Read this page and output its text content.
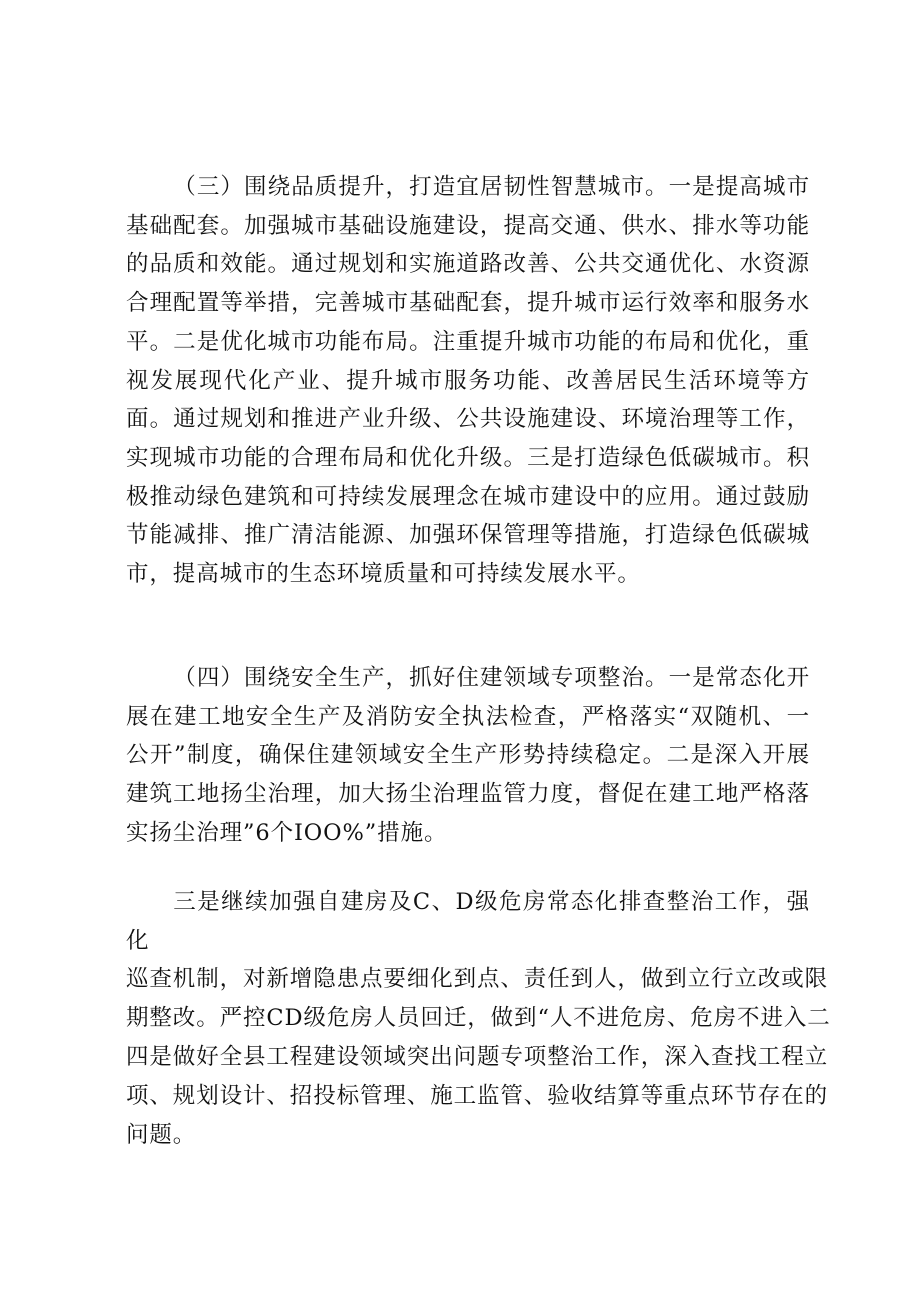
（三）围绕品质提升，打造宜居韧性智慧城市。一是提高城市基础配套。加强城市基础设施建设，提高交通、供水、排水等功能的品质和效能。通过规划和实施道路改善、公共交通优化、水资源合理配置等举措，完善城市基础配套，提升城市运行效率和服务水平。二是优化城市功能布局。注重提升城市功能的布局和优化，重视发展现代化产业、提升城市服务功能、改善居民生活环境等方面。通过规划和推进产业升级、公共设施建设、环境治理等工作，实现城市功能的合理布局和优化升级。三是打造绿色低碳城市。积极推动绿色建筑和可持续发展理念在城市建设中的应用。通过鼓励节能减排、推广清洁能源、加强环保管理等措施，打造绿色低碳城市，提高城市的生态环境质量和可持续发展水平。

（四）围绕安全生产，抓好住建领域专项整治。一是常态化开展在建工地安全生产及消防安全执法检查，严格落实“双随机、一公开”制度，确保住建领域安全生产形势持续稳定。二是深入开展建筑工地扬尘治理，加大扬尘治理监管力度，督促在建工地严格落实扬尘治理”6个IOO%”措施。

三是继续加强自建房及C、D级危房常态化排查整治工作，强化

巡查机制，对新增隐患点要细化到点、责任到人，做到立行立改或限

期整改。严控CD级危房人员回迁，做到“人不进危房、危房不进入二

四是做好全县工程建设领域突出问题专项整治工作，深入查找工程立

项、规划设计、招投标管理、施工监管、验收结算等重点环节存在的

问题。
